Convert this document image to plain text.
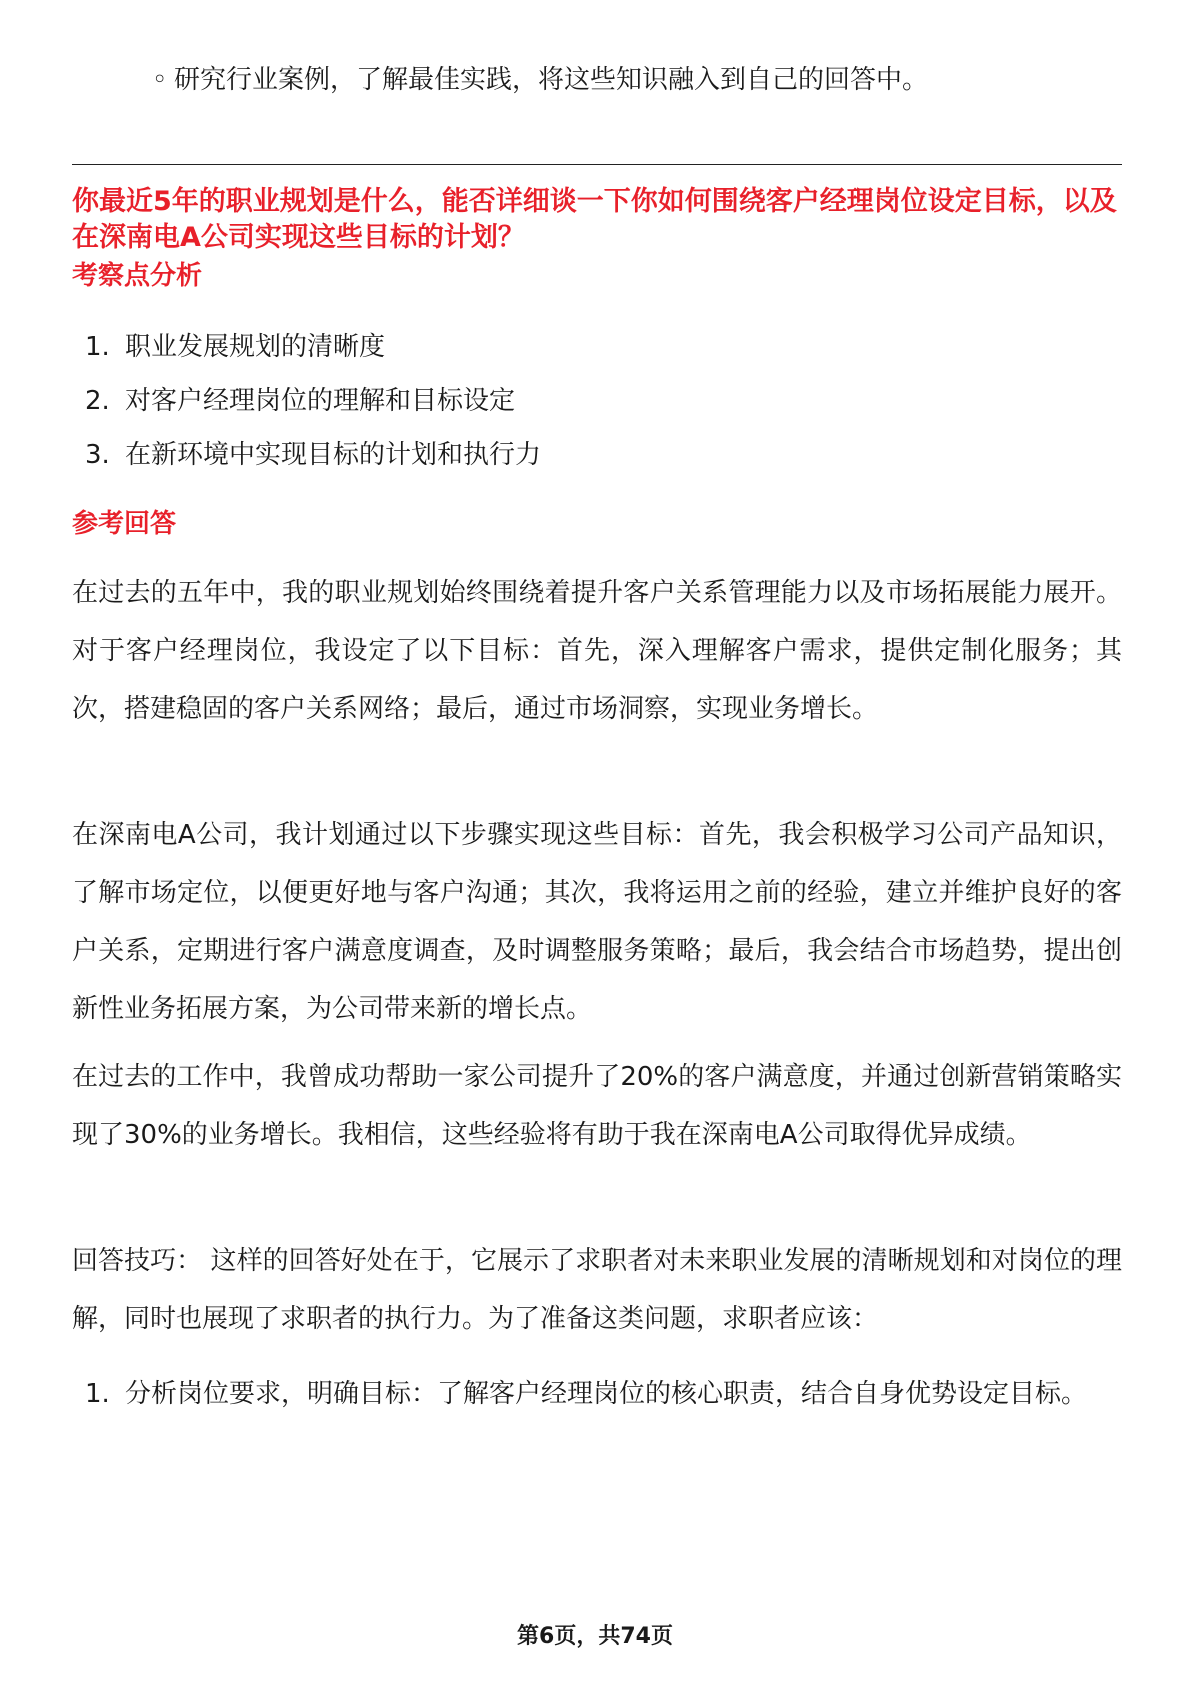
◦ 研究行业案例，了解最佳实践，将这些知识融入到自己的回答中。
你最近5年的职业规划是什么，能否详细谈一下你如何围绕客户经理岗位设定目标，以及在深南电A公司实现这些目标的计划？
考察点分析
1. 职业发展规划的清晰度
2. 对客户经理岗位的理解和目标设定
3. 在新环境中实现目标的计划和执行力
参考回答

在过去的五年中，我的职业规划始终围绕着提升客户关系管理能力以及市场拓展能力展开。对于客户经理岗位，我设定了以下目标：首先，深入理解客户需求，提供定制化服务；其次，搭建稳固的客户关系网络；最后，通过市场洞察，实现业务增长。

在深南电A公司，我计划通过以下步骤实现这些目标：首先，我会积极学习公司产品知识，了解市场定位，以便更好地与客户沟通；其次，我将运用之前的经验，建立并维护良好的客户关系，定期进行客户满意度调查，及时调整服务策略；最后，我会结合市场趋势，提出创新性业务拓展方案，为公司带来新的增长点。

在过去的工作中，我曾成功帮助一家公司提升了20%的客户满意度，并通过创新营销策略实现了30%的业务增长。我相信，这些经验将有助于我在深南电A公司取得优异成绩。

回答技巧： 这样的回答好处在于，它展示了求职者对未来职业发展的清晰规划和对岗位的理解，同时也展现了求职者的执行力。为了准备这类问题，求职者应该：

1. 分析岗位要求，明确目标：了解客户经理岗位的核心职责，结合自身优势设定目标。
第6页，共74页
